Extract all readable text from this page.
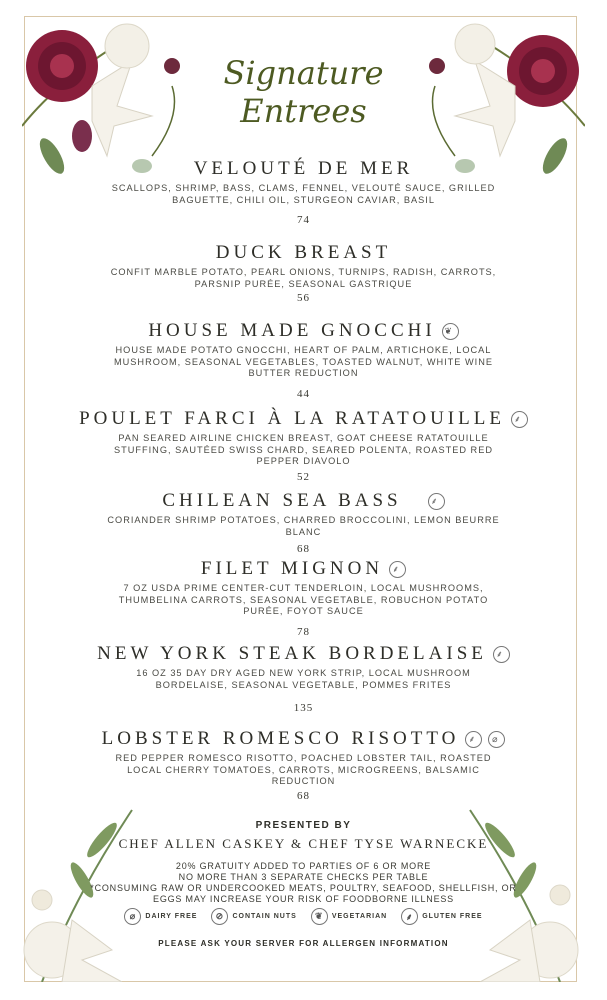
Signature
Entrees
VELOUTÉ DE MER
SCALLOPS, SHRIMP, BASS, CLAMS, FENNEL, VELOUTÉ SAUCE, GRILLED BAGUETTE, CHILI OIL, STURGEON CAVIAR, BASIL
74
DUCK BREAST
CONFIT MARBLE POTATO, PEARL ONIONS, TURNIPS, RADISH, CARROTS, PARSNIP PURÉE, SEASONAL GASTRIQUE
56
HOUSE MADE GNOCCHI ❦
HOUSE MADE POTATO GNOCCHI, HEART OF PALM, ARTICHOKE, LOCAL MUSHROOM, SEASONAL VEGETABLES, TOASTED WALNUT, WHITE WINE BUTTER REDUCTION
44
POULET FARCI À LA RATATOUILLE	⸙
PAN SEARED AIRLINE CHICKEN BREAST, GOAT CHEESE RATATOUILLE STUFFING, SAUTÉED SWISS CHARD, SEARED POLENTA, ROASTED RED PEPPER DIAVOLO
52
CHILEAN SEA BASS	⸙
CORIANDER SHRIMP POTATOES, CHARRED BROCCOLINI, LEMON BEURRE BLANC
68
FILET MIGNON	⸙
7 OZ USDA PRIME CENTER-CUT TENDERLOIN, LOCAL MUSHROOMS, THUMBELINA CARROTS, SEASONAL VEGETABLE, ROBUCHON POTATO PURÉE, FOYOT SAUCE
78
NEW YORK STEAK BORDELAISE	⸙
16 OZ 35 DAY DRY AGED NEW YORK STRIP, LOCAL MUSHROOM BORDELAISE, SEASONAL VEGETABLE, POMMES FRITES
135
LOBSTER ROMESCO RISOTTO	⸙	⌀
RED PEPPER ROMESCO RISOTTO, POACHED LOBSTER TAIL, ROASTED LOCAL CHERRY TOMATOES, CARROTS, MICROGREENS, BALSAMIC REDUCTION
68
PRESENTED BY
CHEF ALLEN CASKEY & CHEF TYSE WARNECKE
20% GRATUITY ADDED TO PARTIES OF 6 OR MORE
NO MORE THAN 3 SEPARATE CHECKS PER TABLE
*CONSUMING RAW OR UNDERCOOKED MEATS, POULTRY, SEAFOOD, SHELLFISH, OR
EGGS MAY INCREASE YOUR RISK OF FOODBORNE ILLNESS
⌀	DAIRY FREE	⊘	CONTAIN NUTS	❦	VEGETARIAN	⸙	GLUTEN FREE
PLEASE ASK YOUR SERVER FOR ALLERGEN INFORMATION
